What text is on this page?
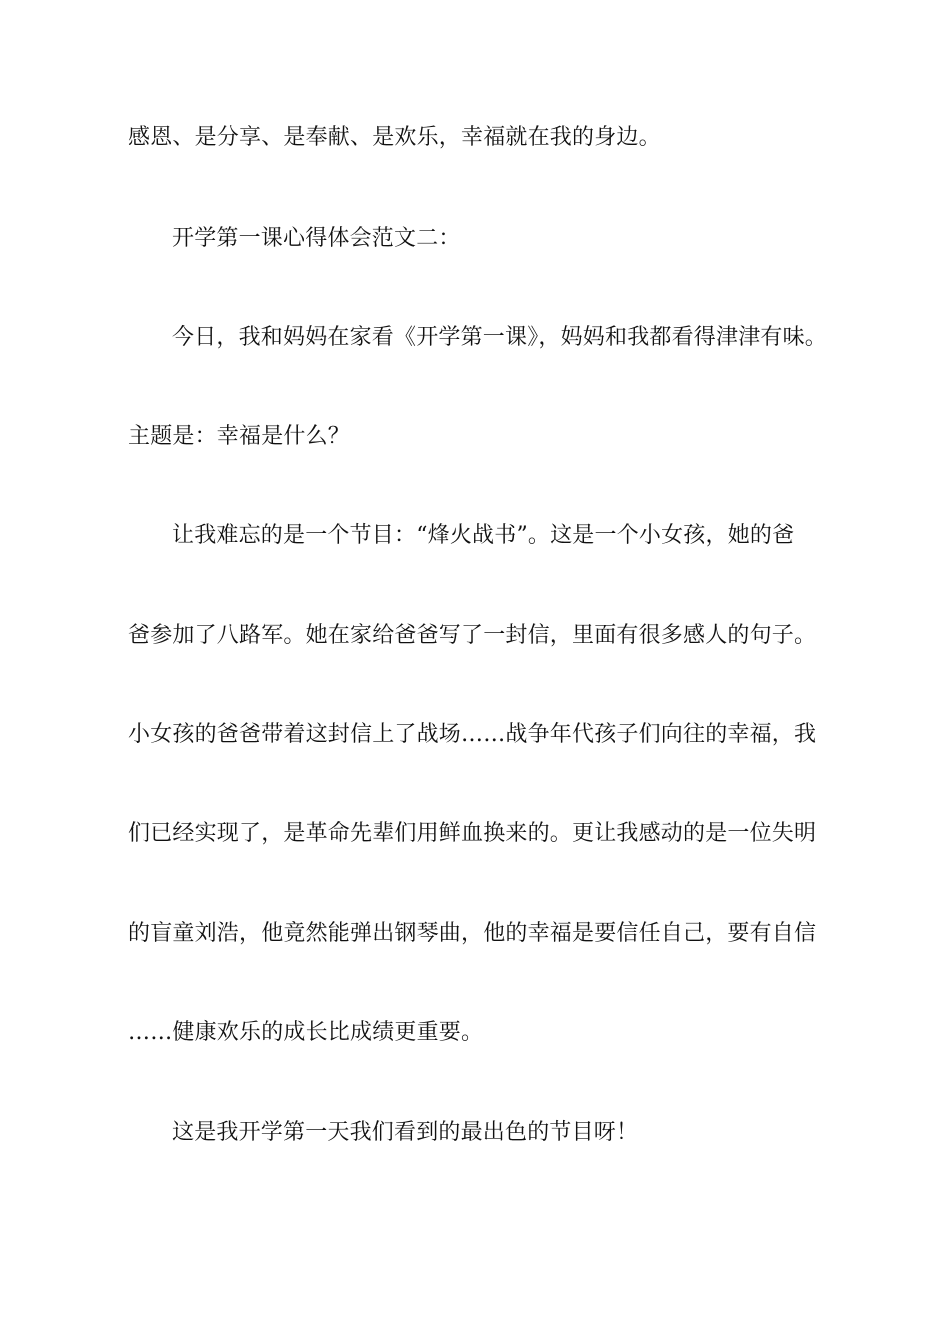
感恩、是分享、是奉献、是欢乐，幸福就在我的身边。
开学第一课心得体会范文二：
今日，我和妈妈在家看《开学第一课》，妈妈和我都看得津津有味。
主题是：幸福是什么？
让我难忘的是一个节目：“烽火战书”。这是一个小女孩，她的爸
爸参加了八路军。她在家给爸爸写了一封信，里面有很多感人的句子。
小女孩的爸爸带着这封信上了战场……战争年代孩子们向往的幸福，我
们已经实现了，是革命先辈们用鲜血换来的。更让我感动的是一位失明
的盲童刘浩，他竟然能弹出钢琴曲，他的幸福是要信任自己，要有自信
……健康欢乐的成长比成绩更重要。
这是我开学第一天我们看到的最出色的节目呀！
